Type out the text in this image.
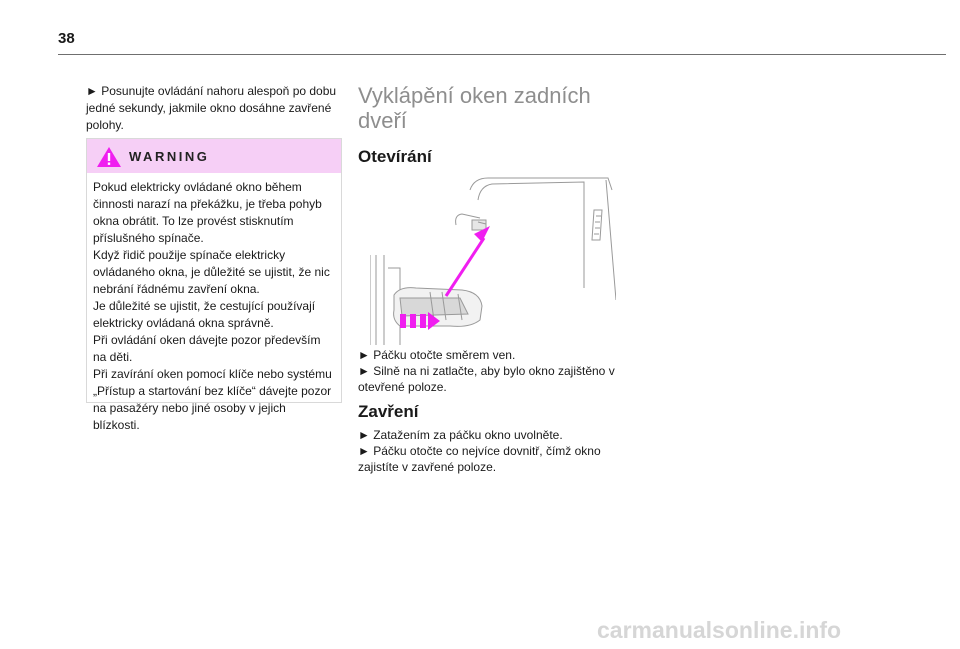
38

► Posunujte ovládání nahoru alespoň po dobu jedné sekundy, jakmile okno dosáhne zavřené polohy.

WARNING
Pokud elektricky ovládané okno během činnosti narazí na překážku, je třeba pohyb okna obrátit. To lze provést stisknutím příslušného spínače.
Když řidič použije spínače elektricky ovládaného okna, je důležité se ujistit, že nic nebrání řádnému zavření okna.
Je důležité se ujistit, že cestující používají elektricky ovládaná okna správně.
Při ovládání oken dávejte pozor především na děti.
Při zavírání oken pomocí klíče nebo systému „Přístup a startování bez klíče“ dávejte pozor na pasažéry nebo jiné osoby v jejich blízkosti.
Vyklápění oken zadních dveří
Otevírání

► Páčku otočte směrem ven.

► Silně na ni zatlačte, aby bylo okno zajištěno v otevřené poloze.

Zavření

► Zatažením za páčku okno uvolněte.

► Páčku otočte co nejvíce dovnitř, čímž okno zajistíte v zavřené poloze.

carmanualsonline.info
